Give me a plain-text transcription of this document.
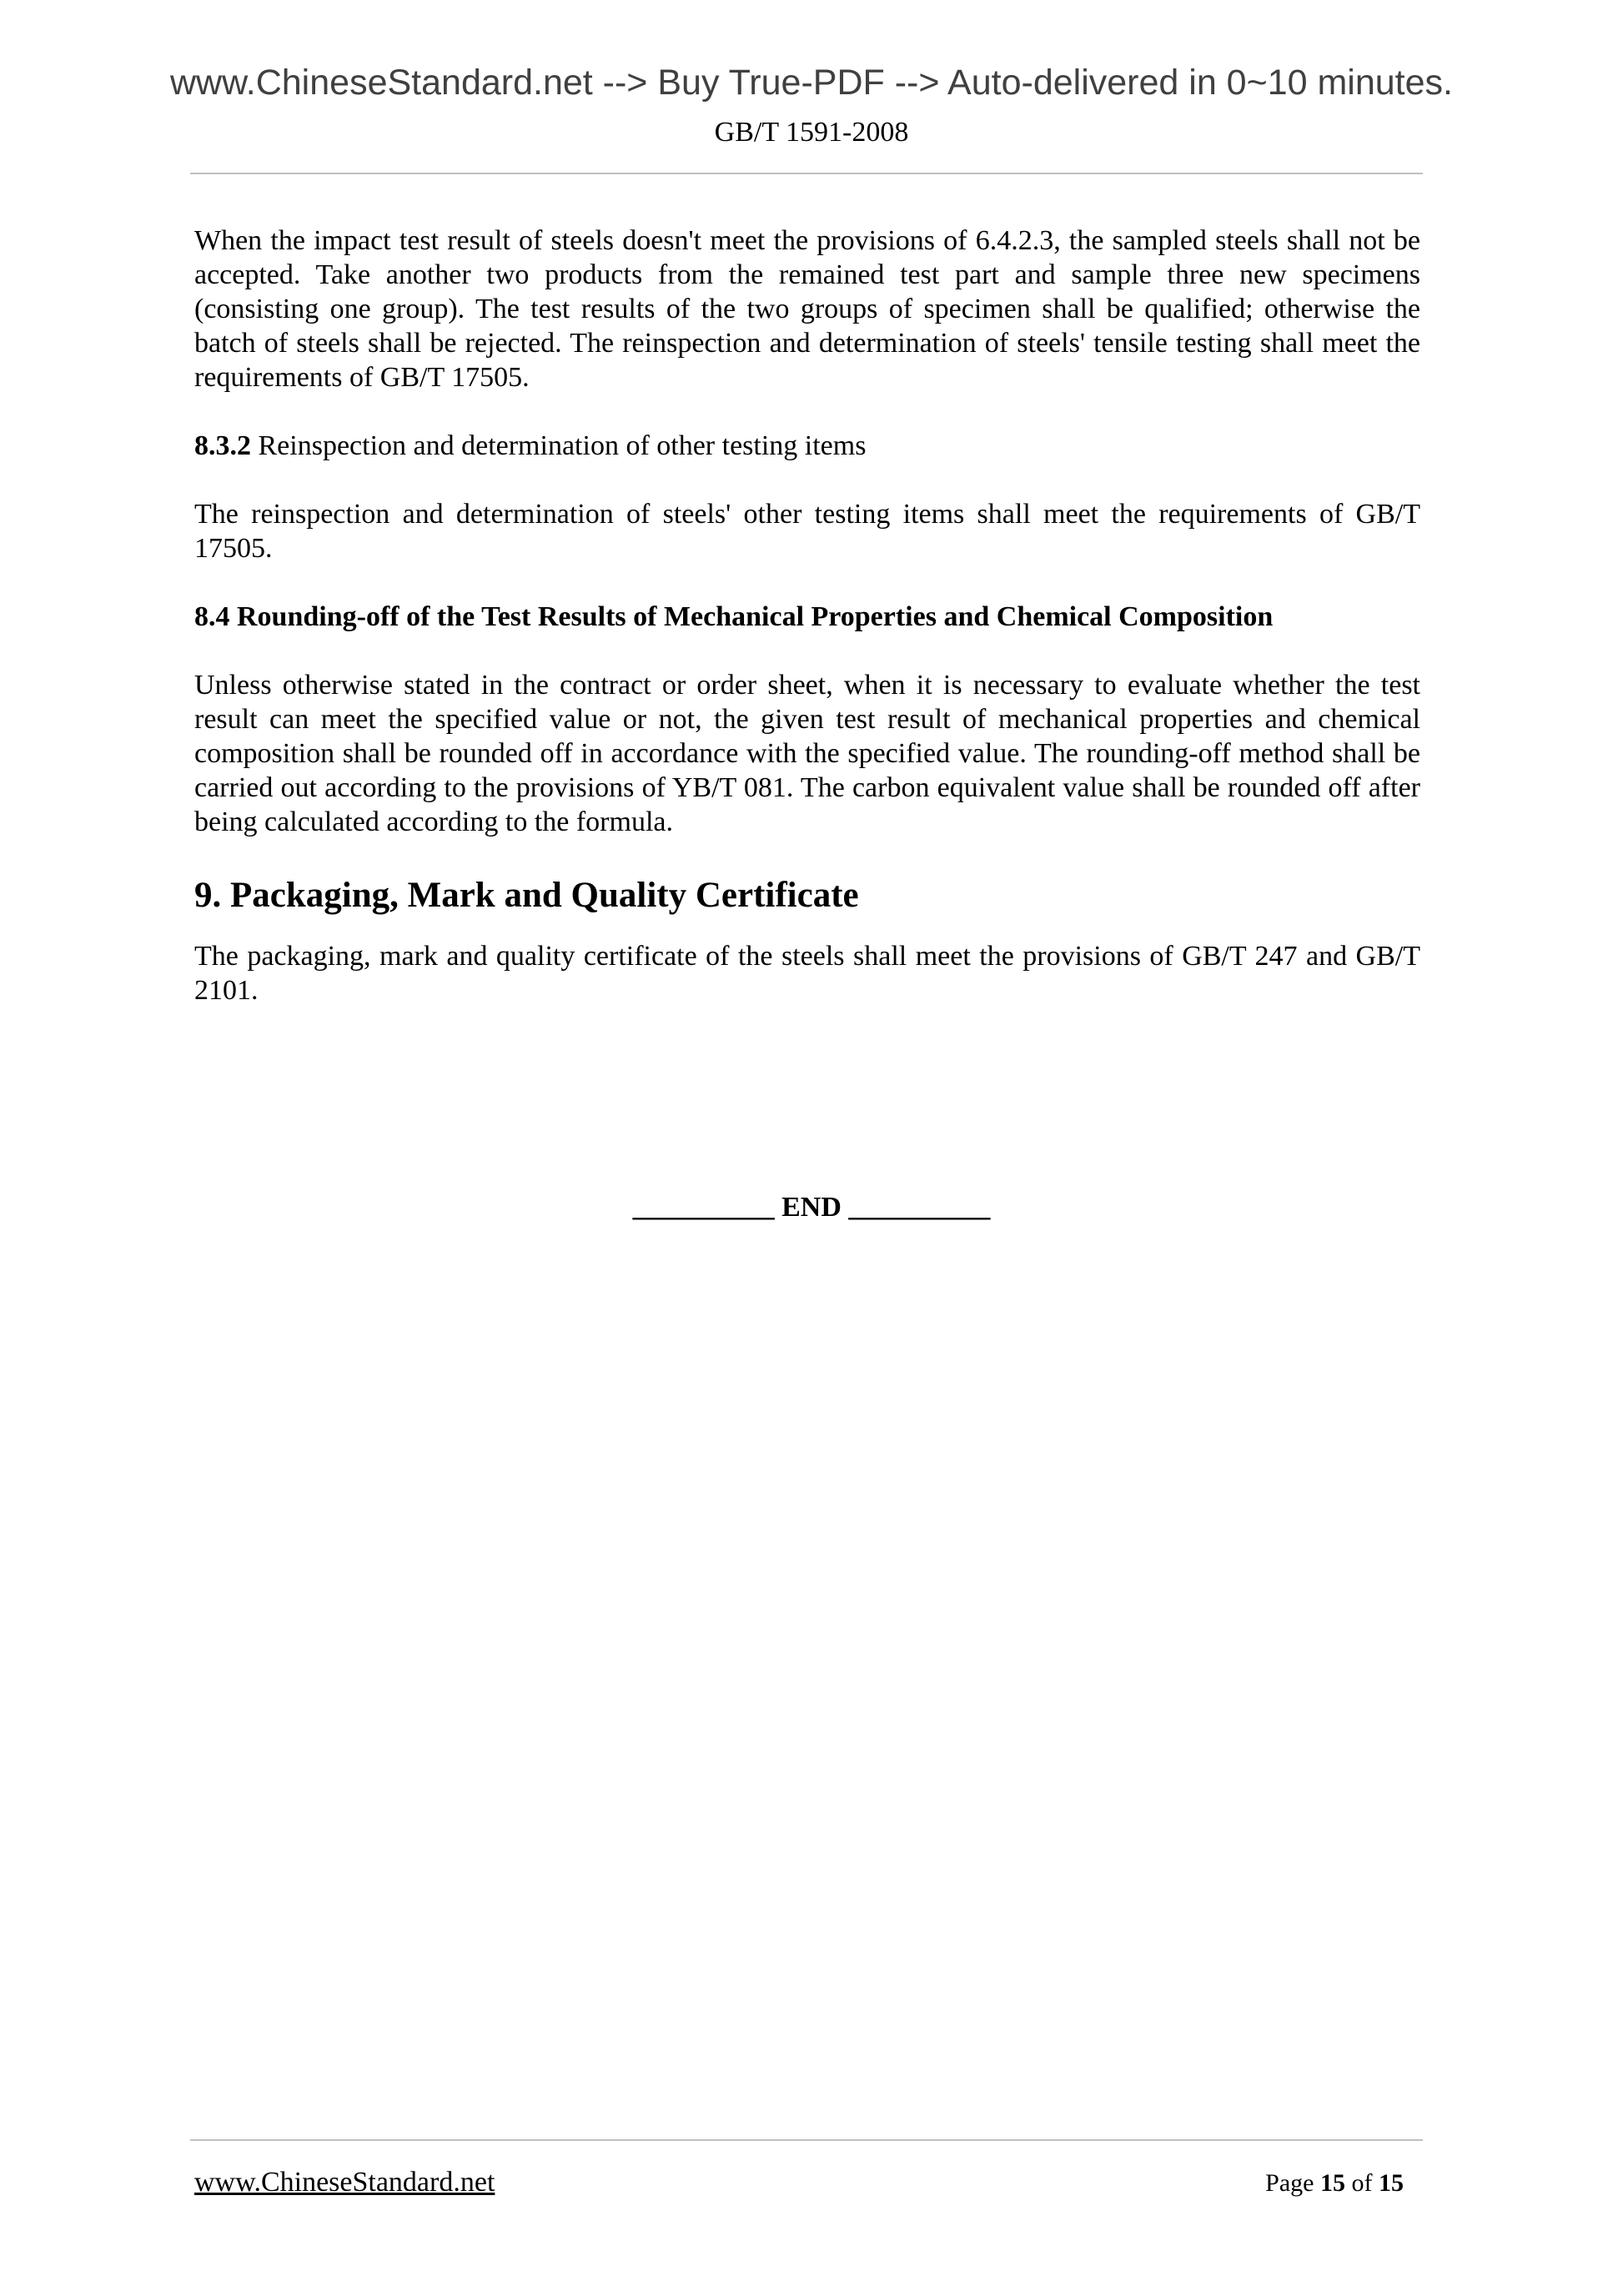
www.ChineseStandard.net --> Buy True-PDF --> Auto-delivered in 0~10 minutes.
GB/T 1591-2008

When the impact test result of steels doesn't meet the provisions of 6.4.2.3, the sampled steels shall not be accepted. Take another two products from the remained test part and sample three new specimens (consisting one group). The test results of the two groups of specimen shall be qualified; otherwise the batch of steels shall be rejected. The reinspection and determination of steels' tensile testing shall meet the requirements of GB/T 17505.

8.3.2 Reinspection and determination of other testing items

The reinspection and determination of steels' other testing items shall meet the requirements of GB/T 17505.

8.4 Rounding-off of the Test Results of Mechanical Properties and Chemical Composition

Unless otherwise stated in the contract or order sheet, when it is necessary to evaluate whether the test result can meet the specified value or not, the given test result of mechanical properties and chemical composition shall be rounded off in accordance with the specified value. The rounding-off method shall be carried out according to the provisions of YB/T 081. The carbon equivalent value shall be rounded off after being calculated according to the formula.

9. Packaging, Mark and Quality Certificate

The packaging, mark and quality certificate of the steels shall meet the provisions of GB/T 247 and GB/T 2101.

__________ END __________
www.ChineseStandard.net	Page 15 of 15
